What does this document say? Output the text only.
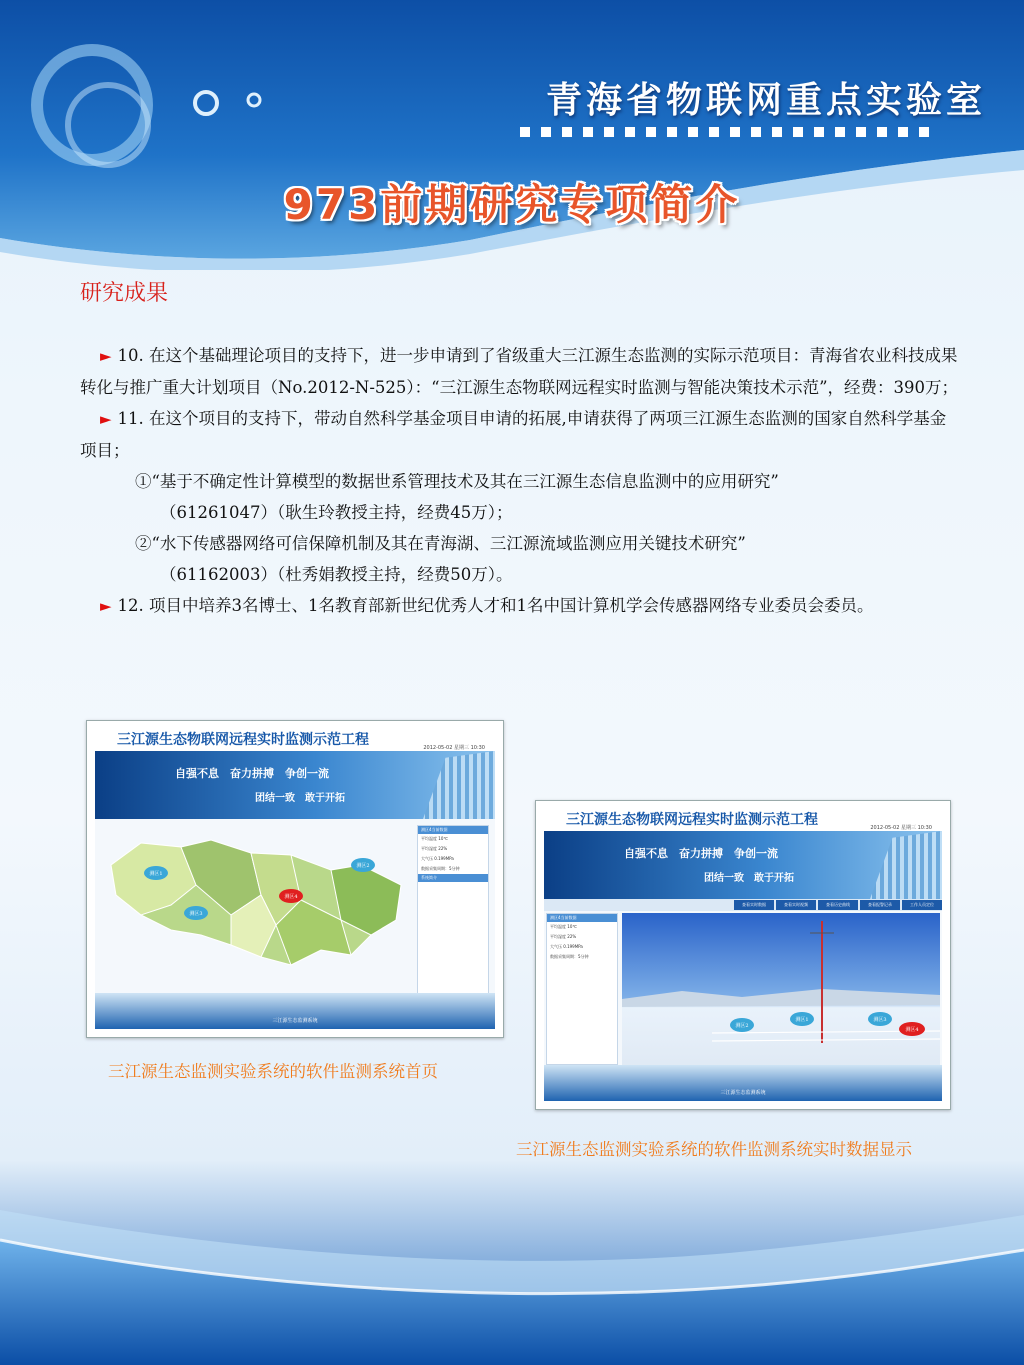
青海省物联网重点实验室
973前期研究专项简介
研究成果

► 10. 在这个基础理论项目的支持下，进一步申请到了省级重大三江源生态监测的实际示范项目：青海省农业科技成果转化与推广重大计划项目（No.2012-N-525）：“三江源生态物联网远程实时监测与智能决策技术示范”，经费：390万；

► 11. 在这个项目的支持下，带动自然科学基金项目申请的拓展,申请获得了两项三江源生态监测的国家自然科学基金项目；

①“基于不确定性计算模型的数据世系管理技术及其在三江源生态信息监测中的应用研究”

（61261047）（耿生玲教授主持，经费45万）；

②“水下传感器网络可信保障机制及其在青海湖、三江源流域监测应用关键技术研究”

（61162003）（杜秀娟教授主持，经费50万）。

► 12. 项目中培养3名博士、1名教育部新世纪优秀人才和1名中国计算机学会传感器网络专业委员会委员。

三江源生态物联网远程实时监测示范工程	2012-05-02 星期三 10:30
自强不息　奋力拼搏　争创一流
团结一致　敢于开拓
测区1
测区2
测区3
测区4
测区4当前数据
平均温度 10℃
平均湿度 22%
大气压 0.199MPa
数据采集周期：5分钟
系统简介
三江源生态监测系统
三江源生态监测实验系统的软件监测系统首页
三江源生态物联网远程实时监测示范工程	2012-05-02 星期三 10:30
自强不息　奋力拼搏　争创一流
团结一致　敢于开拓
查看实时数据	查看实时视频	查看历史曲线	查看报警记录	工作人员定位
测区4当前数据
平均温度 10℃
平均湿度 22%
大气压 0.199MPa
数据采集周期：5分钟
测区2
测区1	测区3
测区4
三江源生态监测系统
三江源生态监测实验系统的软件监测系统实时数据显示
